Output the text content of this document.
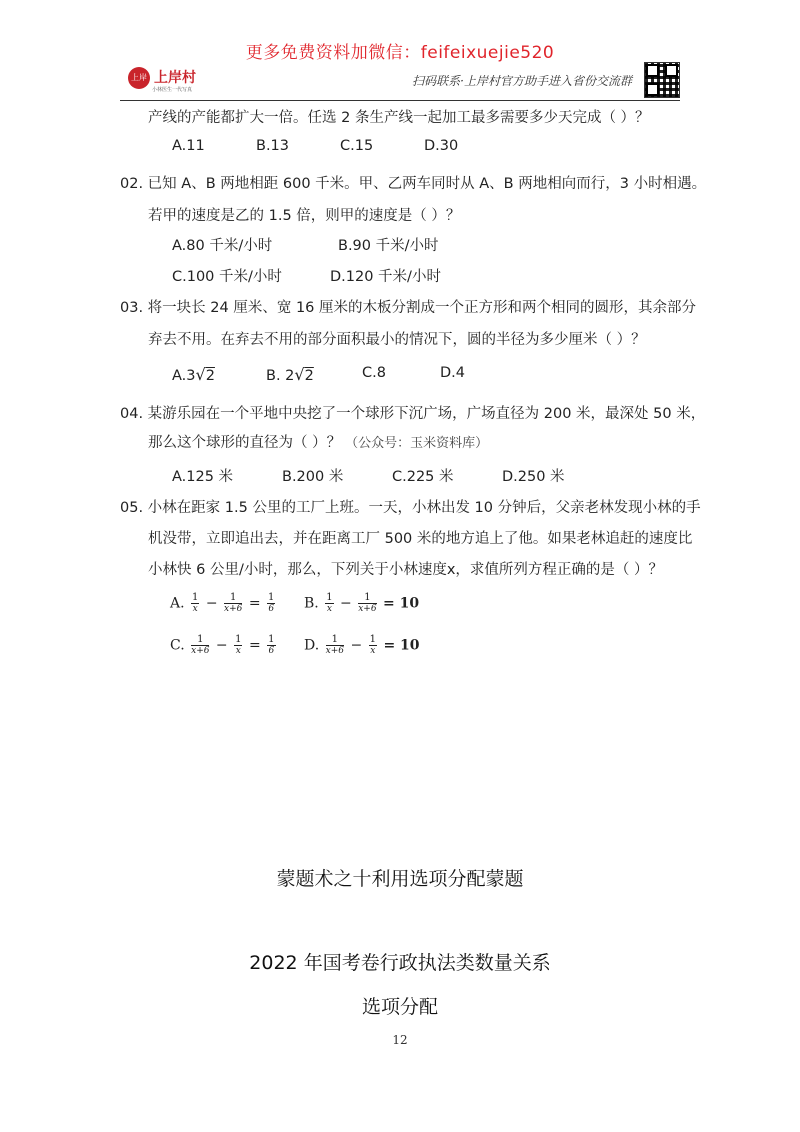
更多免费资料加微信：feifeixuejie520
上岸 上岸村
小林医生一代写真
扫码联系·上岸村官方助手进入省份交流群
产线的产能都扩大一倍。任选 2 条生产线一起加工最多需要多少天完成（ ）？
A.11	B.13	C.15	D.30
02. 已知 A、B 两地相距 600 千米。甲、乙两车同时从 A、B 两地相向而行，3 小时相遇。
若甲的速度是乙的 1.5 倍，则甲的速度是（ ）？
A.80 千米/小时	B.90 千米/小时
C.100 千米/小时	D.120 千米/小时
03. 将一块长 24 厘米、宽 16 厘米的木板分割成一个正方形和两个相同的圆形，其余部分
弃去不用。在弃去不用的部分面积最小的情况下，圆的半径为多少厘米（ ）？
A.3√2	B. 2√2	C.8	D.4
04. 某游乐园在一个平地中央挖了一个球形下沉广场，广场直径为 200 米，最深处 50 米，
那么这个球形的直径为（ ）？ （公众号：玉米资料库）
A.125 米	B.200 米	C.225 米	D.250 米
05. 小林在距家 1.5 公里的工厂上班。一天，小林出发 10 分钟后，父亲老林发现小林的手
机没带，立即追出去，并在距离工厂 500 米的地方追上了他。如果老林追赶的速度比
小林快 6 公里/小时，那么，下列关于小林速度x，求值所列方程正确的是（ ）？
A. $\frac{1}{x} - \frac{1}{x+6} = \frac{1}{6} B$. $\frac{1}{x} - \frac{1}{x+6} = 10$
C. $\frac{1}{x+6} - \frac{1}{x} = \frac{1}{6} D$. $\frac{1}{x+6} - \frac{1}{x} = 10$
蒙题术之十利用选项分配蒙题
2022 年国考卷行政执法类数量关系
选项分配
12
